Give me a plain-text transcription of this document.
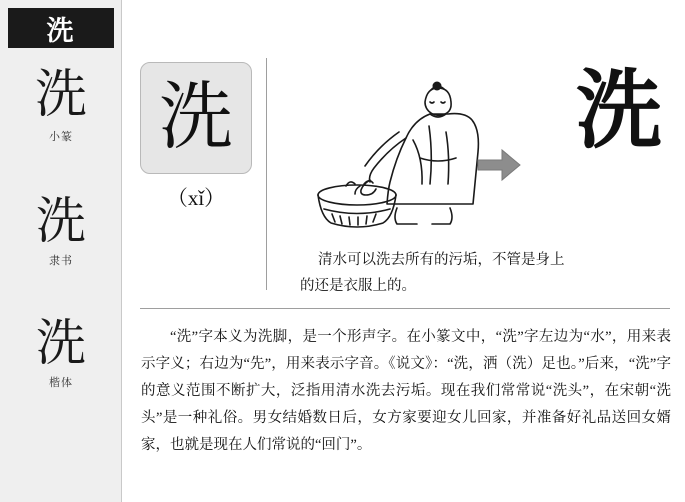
洗
洗
小篆
洗
隶书
洗
楷体
洗
（xǐ）
洗
清水可以洗去所有的污垢，不管是身上
的还是衣服上的。
“洗”字本义为洗脚，是一个形声字。在小篆文中，“洗”字左边为“水”，用来表示字义；右边为“先”，用来表示字音。《说文》：“洗，洒（洗）足也。”后来，“洗”字的意义范围不断扩大，泛指用清水洗去污垢。现在我们常常说“洗头”，在宋朝“洗头”是一种礼俗。男女结婚数日后，女方家要迎女儿回家，并准备好礼品送回女婿家，也就是现在人们常说的“回门”。
